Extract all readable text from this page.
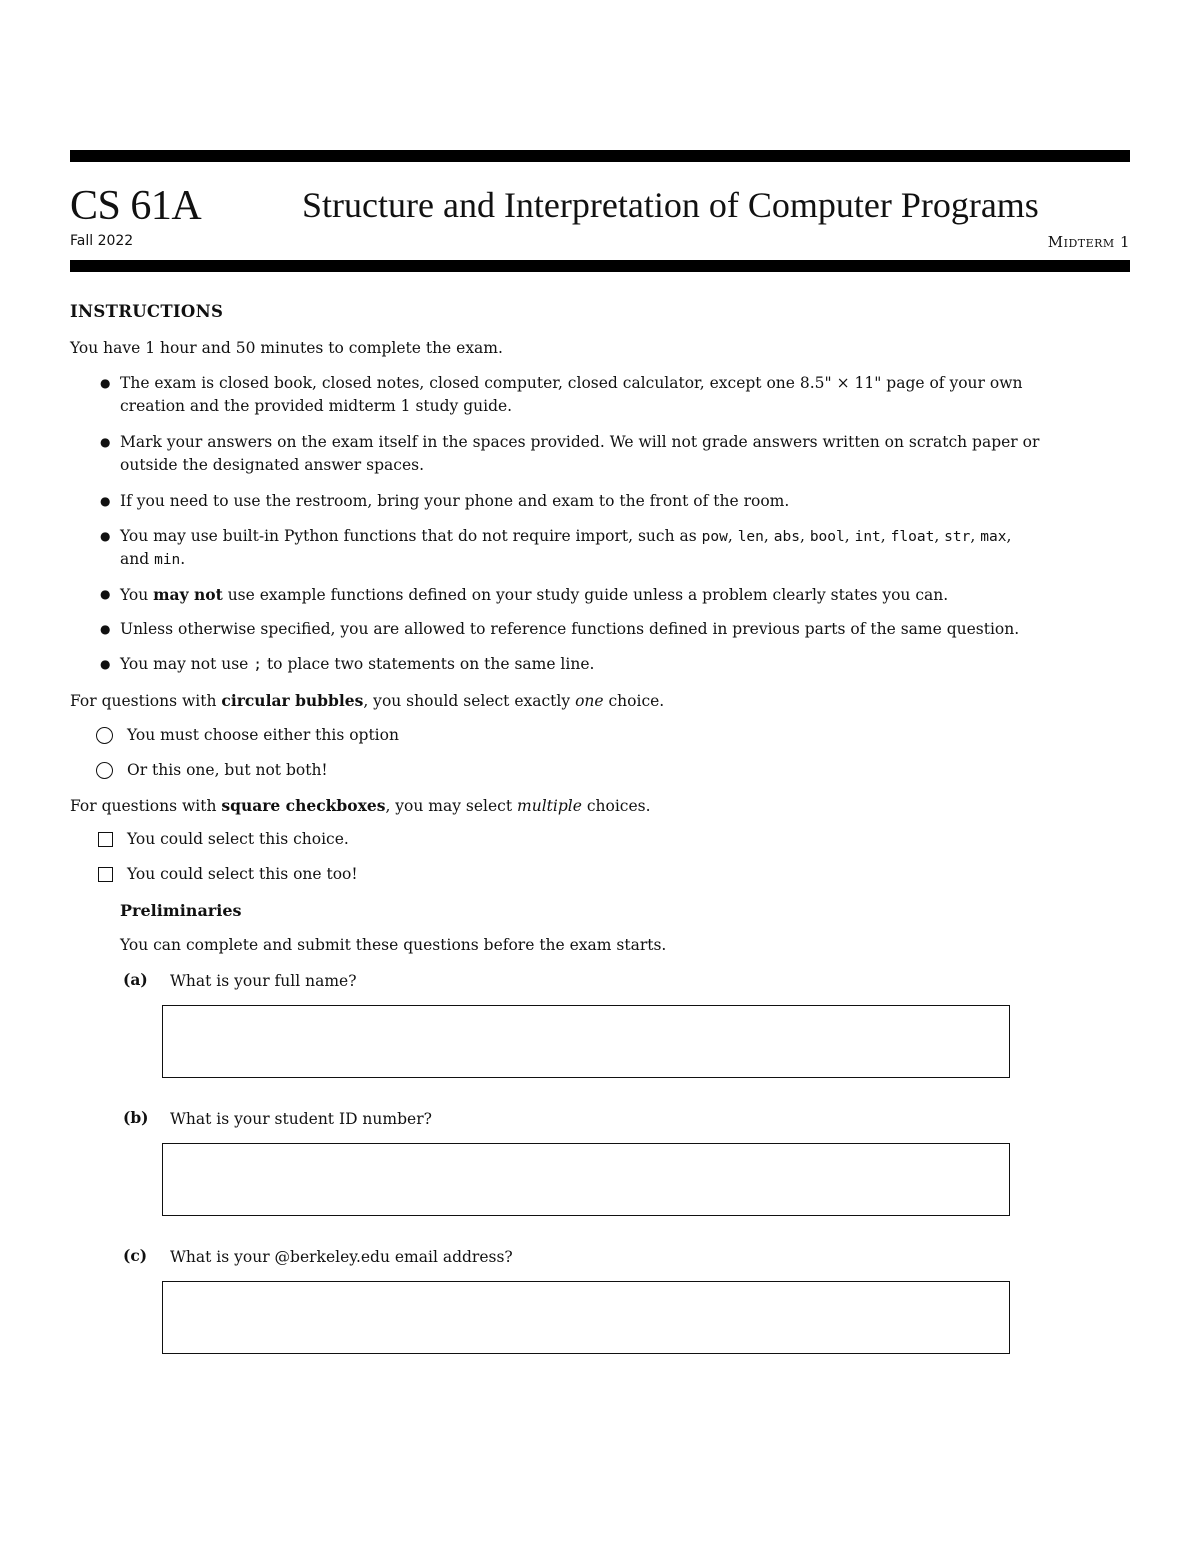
CS 61A	Structure and Interpretation of Computer Programs
Fall 2022	Midterm 1
INSTRUCTIONS
You have 1 hour and 50 minutes to complete the exam.
● The exam is closed book, closed notes, closed computer, closed calculator, except one 8.5" × 11" page of your own
creation and the provided midterm 1 study guide.
● Mark your answers on the exam itself in the spaces provided. We will not grade answers written on scratch paper or
outside the designated answer spaces.
● If you need to use the restroom, bring your phone and exam to the front of the room.
● You may use built-in Python functions that do not require import, such as pow, len, abs, bool, int, float, str, max,
and min.
● You may not use example functions defined on your study guide unless a problem clearly states you can.
● Unless otherwise specified, you are allowed to reference functions defined in previous parts of the same question.
● You may not use ; to place two statements on the same line.
For questions with circular bubbles, you should select exactly one choice.
You must choose either this option
Or this one, but not both!
For questions with square checkboxes, you may select multiple choices.
You could select this choice.
You could select this one too!
Preliminaries
You can complete and submit these questions before the exam starts.
(a) What is your full name?
(b) What is your student ID number?
(c) What is your @berkeley.edu email address?
